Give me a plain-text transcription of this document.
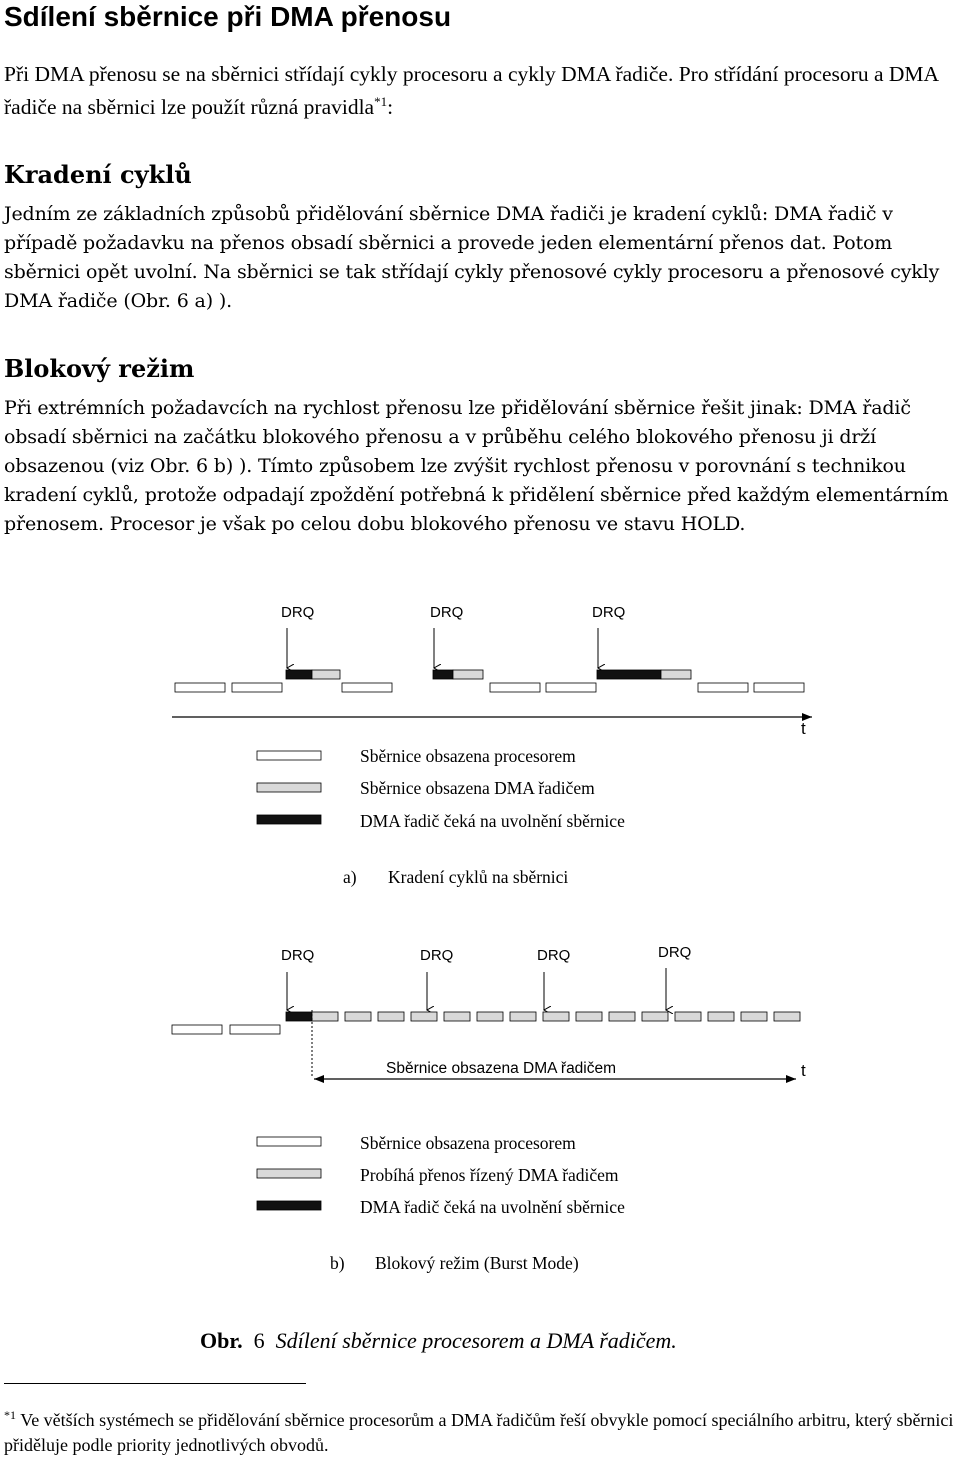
Sdílení sběrnice při DMA přenosu
Při DMA přenosu se na sběrnici střídají cykly procesoru a cykly DMA řadiče. Pro střídání procesoru a DMA řadiče na sběrnici lze použít různá pravidla$^{*1}$:
Kradení cyklů
Jedním ze základních způsobů přidělování sběrnice DMA řadiči je kradení cyklů: DMA řadič v případě požadavku na přenos obsadí sběrnici a provede jeden elementární přenos dat. Potom sběrnici opět uvolní. Na sběrnici se tak střídají cykly přenosové cykly procesoru a přenosové cykly DMA řadiče (Obr. 6 a) ).
Blokový režim
Při extrémních požadavcích na rychlost přenosu lze přidělování sběrnice řešit jinak: DMA řadič obsadí sběrnici na začátku blokového přenosu a v průběhu celého blokového přenosu ji drží obsazenou (viz Obr. 6 b) ). Tímto způsobem lze zvýšit rychlost přenosu v porovnání s technikou kradení cyklů, protože odpadají zpoždění potřebná k přidělení sběrnice před každým elementárním přenosem. Procesor je však po celou dobu blokového přenosu ve stavu HOLD.
DRQ	DRQ	DRQ
t
Sběrnice obsazena procesorem
Sběrnice obsazena DMA řadičem
DMA řadič čeká na uvolnění sběrnice
a) Kradení cyklů na sběrnici
DRQ	DRQ	DRQ	DRQ
Sběrnice obsazena DMA řadičem	t
Sběrnice obsazena procesorem
Probíhá přenos řízený DMA řadičem
DMA řadič čeká na uvolnění sběrnice
b) Blokový režim (Burst Mode)
Obr. 6 Sdílení sběrnice procesorem a DMA řadičem.
$^{*1}$ Ve větších systémech se přidělování sběrnice procesorům a DMA řadičům řeší obvykle pomocí speciálního arbitru, který sběrnici přiděluje podle priority jednotlivých obvodů.
